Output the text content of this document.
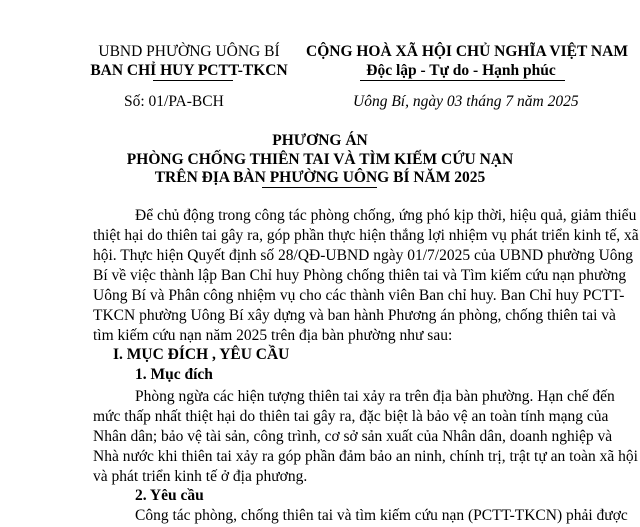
UBND PHƯỜNG UÔNG BÍ
BAN CHỈ HUY PCTT-TKCN
CỘNG HOÀ XÃ HỘI CHỦ NGHĨA VIỆT NAM
Độc lập - Tự do - Hạnh phúc
Số: 01/PA-BCH	Uông Bí, ngày 03 tháng 7 năm 2025
PHƯƠNG ÁN
PHÒNG CHỐNG THIÊN TAI VÀ TÌM KIẾM CỨU NẠN
TRÊN ĐỊA BÀN PHƯỜNG UÔNG BÍ NĂM 2025
Để chủ động trong công tác phòng chống, ứng phó kịp thời, hiệu quả, giảm thiểu
thiệt hại do thiên tai gây ra, góp phần thực hiện thắng lợi nhiệm vụ phát triển kinh tế, xã
hội. Thực hiện Quyết định số 28/QĐ-UBND ngày 01/7/2025 của UBND phường Uông
Bí về việc thành lập Ban Chỉ huy Phòng chống thiên tai và Tìm kiếm cứu nạn phường
Uông Bí và Phân công nhiệm vụ cho các thành viên Ban chỉ huy. Ban Chỉ huy PCTT-
TKCN phường Uông Bí xây dựng và ban hành Phương án phòng, chống thiên tai và
tìm kiếm cứu nạn năm 2025 trên địa bàn phường như sau:
I. MỤC ĐÍCH , YÊU CẦU
1. Mục đích
Phòng ngừa các hiện tượng thiên tai xảy ra trên địa bàn phường. Hạn chế đến
mức thấp nhất thiệt hại do thiên tai gây ra, đặc biệt là bảo vệ an toàn tính mạng của
Nhân dân; bảo vệ tài sản, công trình, cơ sở sản xuất của Nhân dân, doanh nghiệp và
Nhà nước khi thiên tai xảy ra góp phần đảm bảo an ninh, chính trị, trật tự an toàn xã hội
và phát triển kinh tế ở địa phương.
2. Yêu cầu
Công tác phòng, chống thiên tai và tìm kiếm cứu nạn (PCTT-TKCN) phải được
